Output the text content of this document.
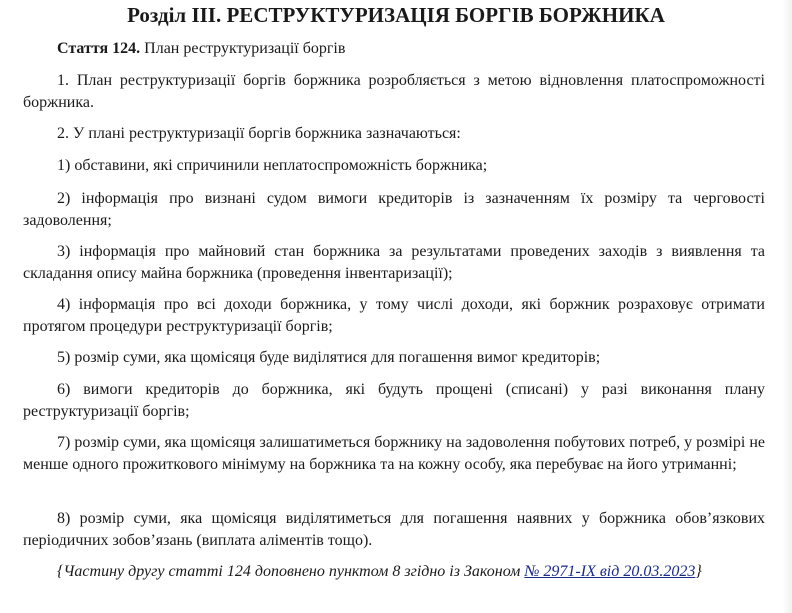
Розділ III. РЕСТРУКТУРИЗАЦІЯ БОРГІВ БОРЖНИКА
Стаття 124. План реструктуризації боргів
1. План реструктуризації боргів боржника розробляється з метою відновлення платоспроможності боржника.
2. У плані реструктуризації боргів боржника зазначаються:
1) обставини, які спричинили неплатоспроможність боржника;
2) інформація про визнані судом вимоги кредиторів із зазначенням їх розміру та черговості задоволення;
3) інформація про майновий стан боржника за результатами проведених заходів з виявлення та складання опису майна боржника (проведення інвентаризації);
4) інформація про всі доходи боржника, у тому числі доходи, які боржник розраховує отримати протягом процедури реструктуризації боргів;
5) розмір суми, яка щомісяця буде виділятися для погашення вимог кредиторів;
6) вимоги кредиторів до боржника, які будуть прощені (списані) у разі виконання плану реструктуризації боргів;
7) розмір суми, яка щомісяця залишатиметься боржнику на задоволення побутових потреб, у розмірі не менше одного прожиткового мінімуму на боржника та на кожну особу, яка перебуває на його утриманні;
8) розмір суми, яка щомісяця виділятиметься для погашення наявних у боржника обов’язкових періодичних зобов’язань (виплата аліментів тощо).
{Частину другу статті 124 доповнено пунктом 8 згідно із Законом № 2971-IX від 20.03.2023}
